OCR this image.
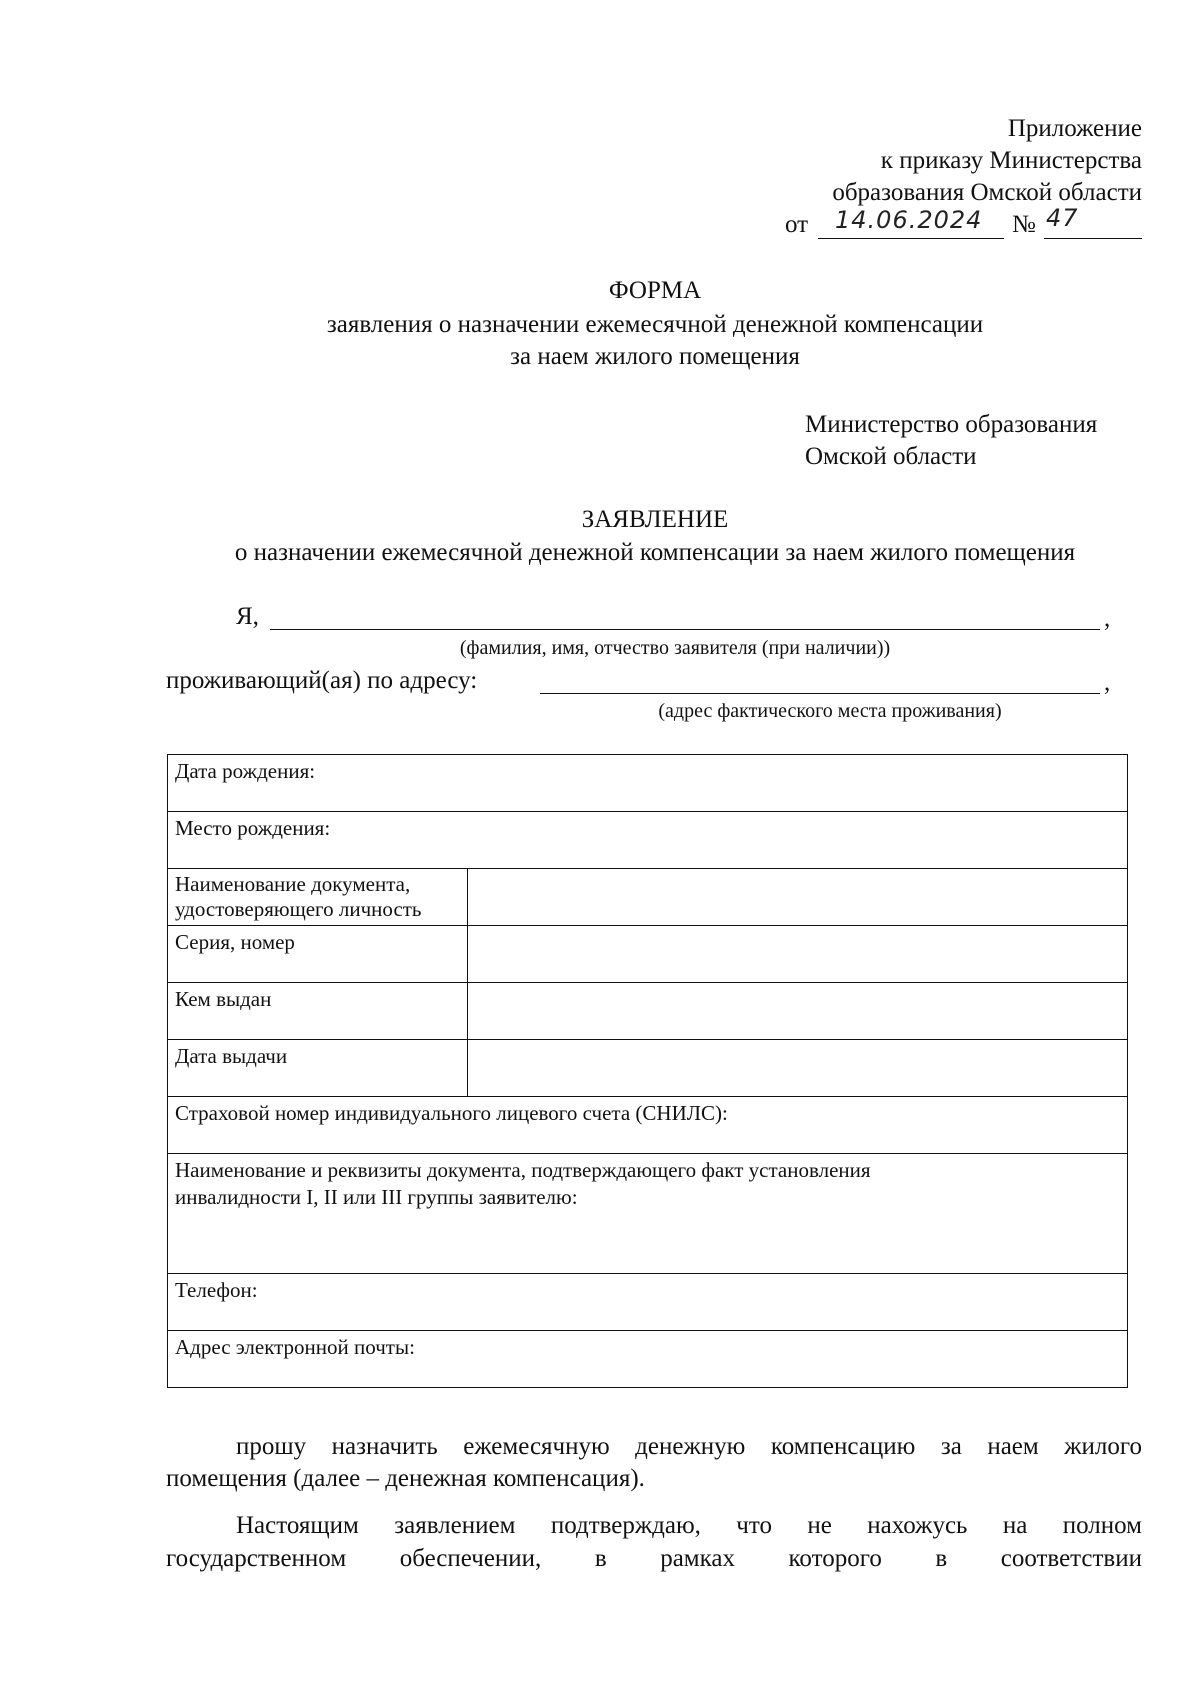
Приложение
к приказу Министерства
образования Омской области
от 14.06.2024 № 47
ФОРМА
заявления о назначении ежемесячной денежной компенсации
за наем жилого помещения
Министерство образования
Омской области
ЗАЯВЛЕНИЕ
о назначении ежемесячной денежной компенсации за наем жилого помещения
Я,	,
(фамилия, имя, отчество заявителя (при наличии))
проживающий(ая) по адресу:	,
(адрес фактического места проживания)
Дата рождения:	
Место рождения:	
Наименование документа, удостоверяющего личность	
Серия, номер	
Кем выдан	
Дата выдачи	
Страховой номер индивидуального лицевого счета (СНИЛС):	
Наименование и реквизиты документа, подтверждающего факт установления инвалидности I, II или III группы заявителю:	
Телефон:	
Адрес электронной почты:	
прошу назначить ежемесячную денежную компенсацию за наем жилого
помещения (далее – денежная компенсация).
Настоящим заявлением подтверждаю, что не нахожусь на полном
государственном обеспечении, в рамках которого в соответствии
